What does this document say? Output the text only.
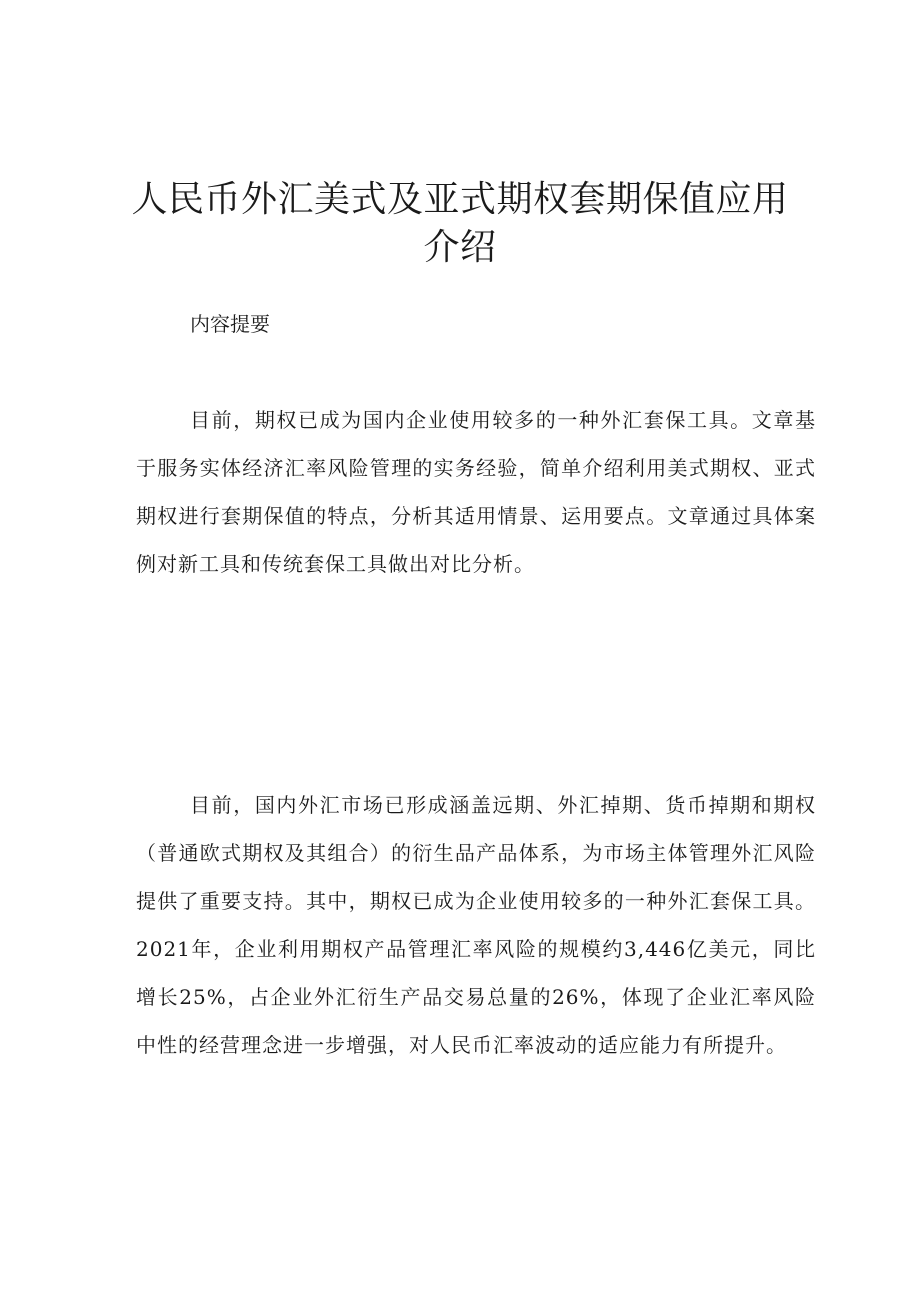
人民币外汇美式及亚式期权套期保值应用
介绍
内容提要

目前，期权已成为国内企业使用较多的一种外汇套保工具。文章基于服务实体经济汇率风险管理的实务经验，简单介绍利用美式期权、亚式期权进行套期保值的特点，分析其适用情景、运用要点。文章通过具体案例对新工具和传统套保工具做出对比分析。

目前，国内外汇市场已形成涵盖远期、外汇掉期、货币掉期和期权（普通欧式期权及其组合）的衍生品产品体系，为市场主体管理外汇风险提供了重要支持。其中，期权已成为企业使用较多的一种外汇套保工具。2021年，企业利用期权产品管理汇率风险的规模约3,446亿美元，同比增长25%，占企业外汇衍生产品交易总量的26%，体现了企业汇率风险中性的经营理念进一步增强，对人民币汇率波动的适应能力有所提升。
